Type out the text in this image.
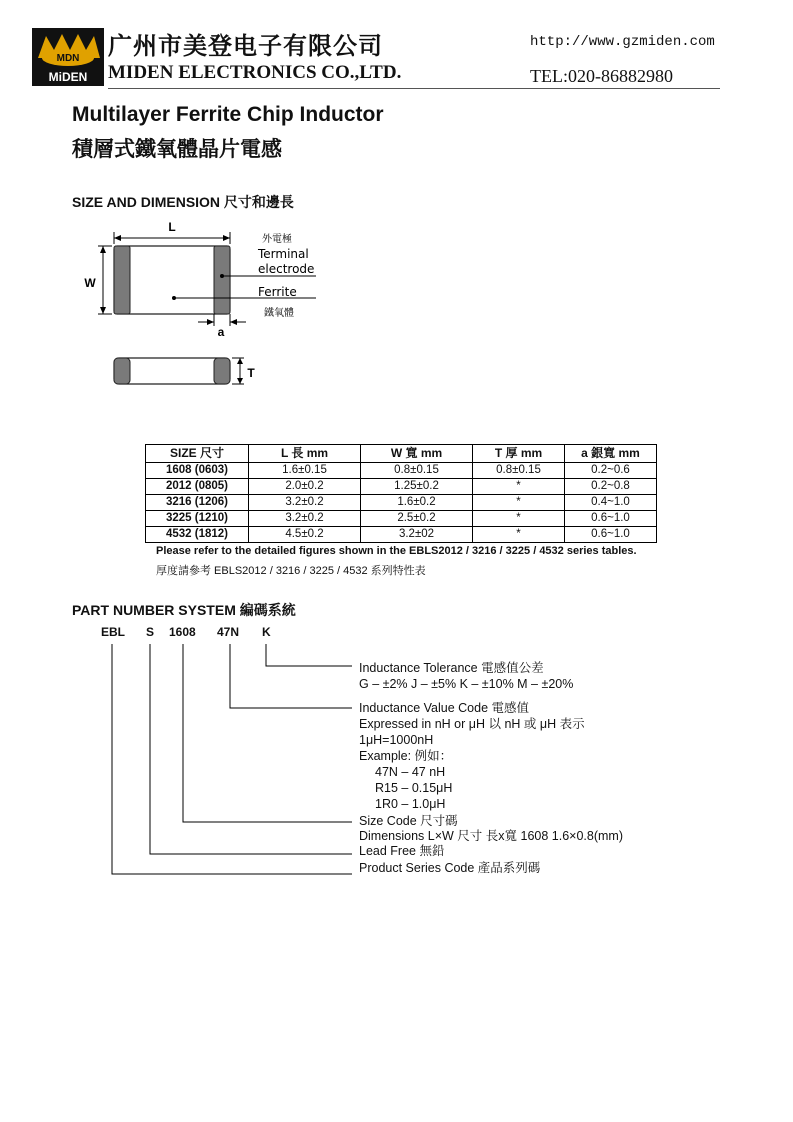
MDN
MiDEN
广州市美登电子有限公司
MIDEN ELECTRONICS CO.,LTD.
http://www.gzmiden.com
TEL:020-86882980
Multilayer Ferrite Chip Inductor
積層式鐵氧體晶片電感
SIZE AND DIMENSION 尺寸和邊長
L
W
外電極
Terminal
electrode
Ferrite
鐵氧體
a
T
SIZE 尺寸	L 長 mm	W 寬 mm	T 厚 mm	a 銀寬 mm
1608 (0603)	1.6±0.15	0.8±0.15	0.8±0.15	0.2~0.6
2012 (0805)	2.0±0.2	1.25±0.2	*	0.2~0.8
3216 (1206)	3.2±0.2	1.6±0.2	*	0.4~1.0
3225 (1210)	3.2±0.2	2.5±0.2	*	0.6~1.0
4532 (1812)	4.5±0.2	3.2±02	*	0.6~1.0
Please refer to the detailed figures shown in the EBLS2012 / 3216 / 3225 / 4532 series tables.
厚度請參考 EBLS2012 / 3216 / 3225 / 4532 系列特性表
PART NUMBER SYSTEM 編碼系統
EBL S 1608 47N K
Inductance Tolerance 電感值公差
G – ±2% J – ±5% K – ±10% M – ±20%
Inductance Value Code 電感值
Expressed in nH or μH 以 nH 或 μH 表示
1μH=1000nH
Example: 例如：
47N – 47 nH
R15 – 0.15μH
1R0 – 1.0μH
Size Code 尺寸碼
Dimensions L×W 尺寸 長x寬 1608 1.6×0.8(mm)
Lead Free 無鉛
Product Series Code 產品系列碼
